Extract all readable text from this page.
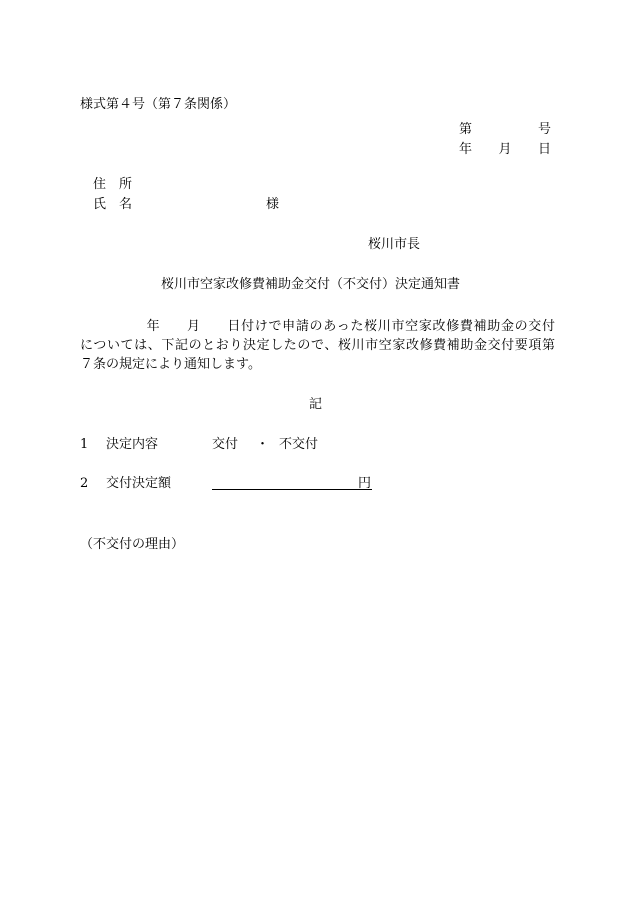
様式第４号（第７条関係）
第	号
年 月 日
住　所
氏　名	様
桜川市長
桜川市空家改修費補助金交付（不交付）決定通知書
年 月 日付けで申請のあった桜川市空家改修費補助金の交付
については、下記のとおり決定したので、桜川市空家改修費補助金交付要項第
７条の規定により通知します。
記
1 決定内容	交付 ・ 不交付
2 交付決定額	円
（不交付の理由）
